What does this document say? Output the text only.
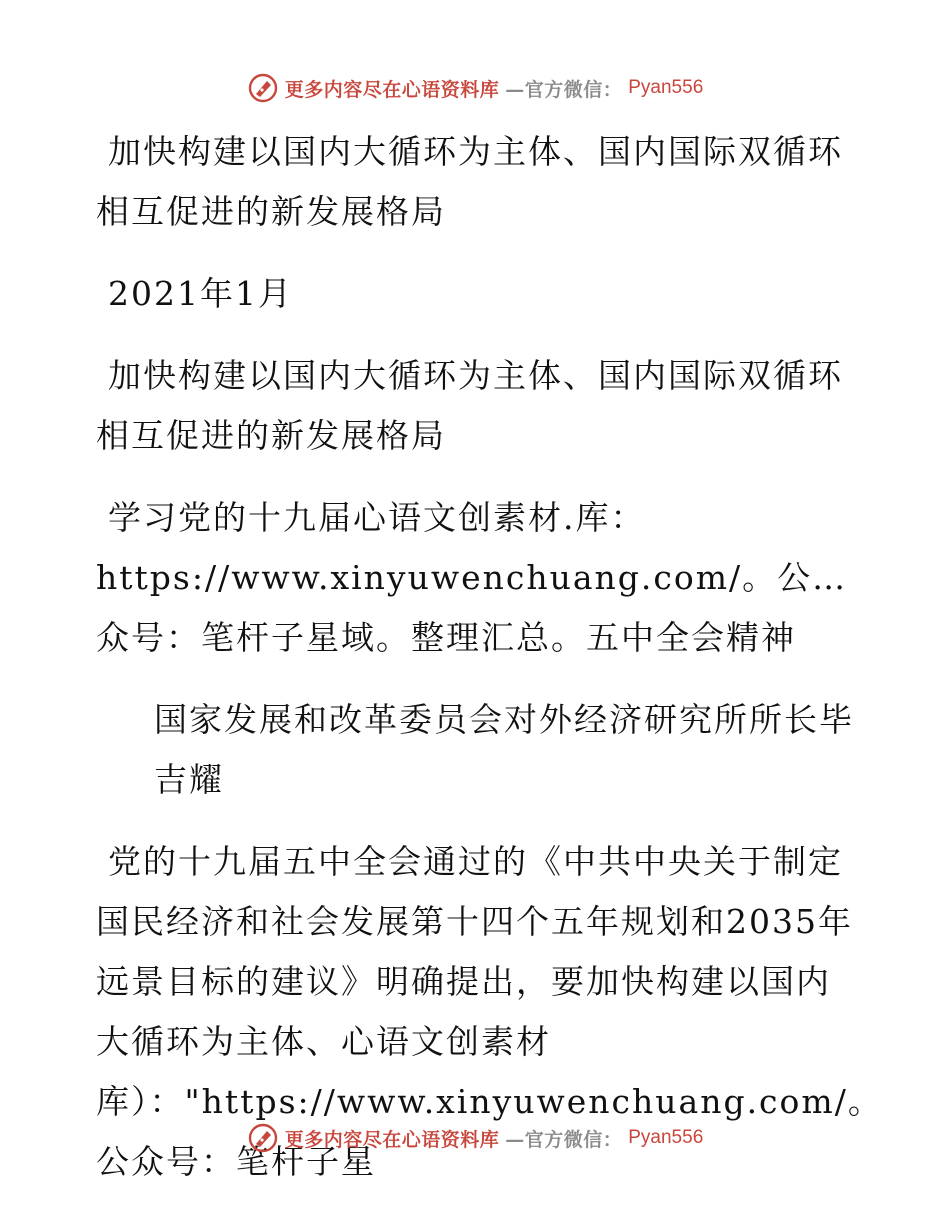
更多内容尽在心语资料库 —官方微信： Pyan556

加快构建以国内大循环为主体、国内国际双循环相互促进的新发展格局

2021年1月

加快构建以国内大循环为主体、国内国际双循环相互促进的新发展格局

学习党的十九届心语文创素材.库：https://www.xinyuwenchuang.com/。公…众号：笔杆子星域。整理汇总。五中全会精神

国家发展和改革委员会对外经济研究所所长毕吉耀

党的十九届五中全会通过的《中共中央关于制定国民经济和社会发展第十四个五年规划和2035年远景目标的建议》明确提出，要加快构建以国内大循环为主体、心语文创素材库）："https://www.xinyuwenchuang.com/。公众号：笔杆子星

更多内容尽在心语资料库 —官方微信： Pyan556
